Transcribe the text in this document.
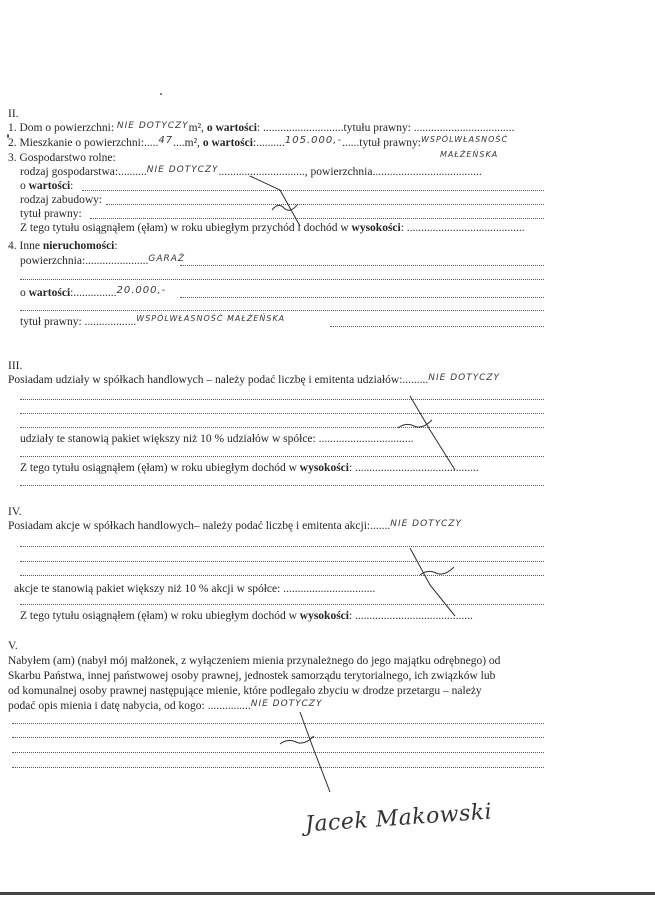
II.
1. Dom o powierzchni: $^{NIE DOTYCZY}$m², o wartości: ............................tytułu prawny: ...................................
2. Mieszkanie o powierzchni:.....47....m², o wartości:..........105.000,-......tytuł prawny:$^{WSPÓLWŁASNOŚĆ}$
MAŁŻEŃSKA
3. Gospodarstwo rolne:
rodzaj gospodarstwa:..........$^{NIE DOTYCZY}$.............................., powierzchnia......................................
o wartości:
rodzaj zabudowy:
tytuł prawny:
Z tego tytułu osiągnąłem (ęłam) w roku ubiegłym przychód i dochód w wysokości: .........................................
4. Inne nieruchomości:
powierzchnia:......................$^{GARAŻ}$
o wartości:...............20.000,-
tytuł prawny: ..................$^{WSPÓLWŁASNOŚĆ MAŁŻEŃSKA}$
III.
Posiadam udziały w spółkach handlowych – należy podać liczbę i emitenta udziałów:.........$^{NIE DOTYCZY}$
udziały te stanowią pakiet większy niż 10 % udziałów w spółce: .................................
Z tego tytułu osiągnąłem (ęłam) w roku ubiegłym dochód w wysokości: ...........................................
IV.
Posiadam akcje w spółkach handlowych– należy podać liczbę i emitenta akcji:.......$^{NIE DOTYCZY}$
akcje te stanowią pakiet większy niż 10 % akcji w spółce: ................................
Z tego tytułu osiągnąłem (ęłam) w roku ubiegłym dochód w wysokości: .........................................
V.
Nabyłem (am) (nabył mój małżonek, z wyłączeniem mienia przynależnego do jego majątku odrębnego) od
Skarbu Państwa, innej państwowej osoby prawnej, jednostek samorządu terytorialnego, ich związków lub
od komunalnej osoby prawnej następujące mienie, które podlegało zbyciu w drodze przetargu – należy
podać opis mienia i datę nabycia, od kogo: ...............$^{NIE DOTYCZY}$
Jacek Makowski
